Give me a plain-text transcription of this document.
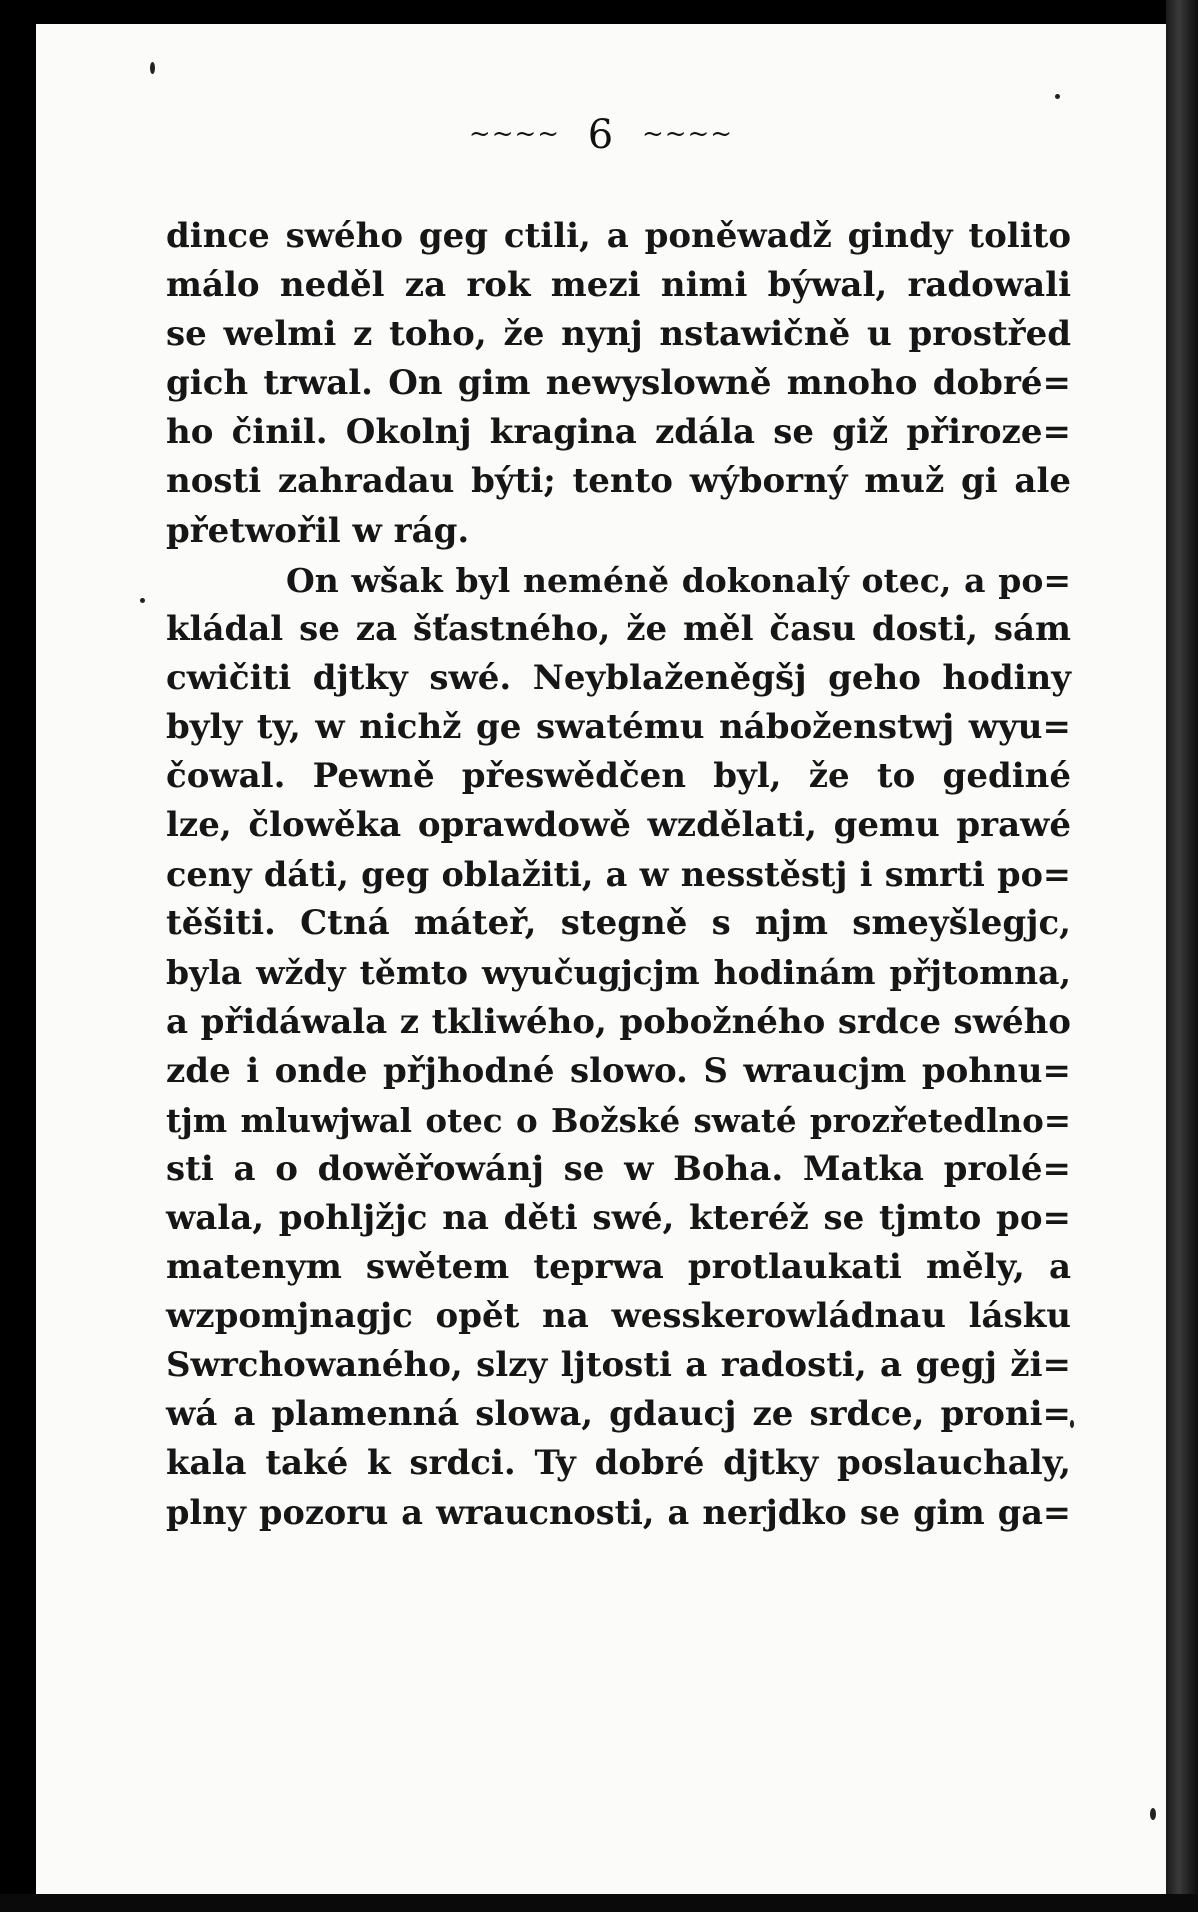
~~~~ 6 ~~~~
dince swého geg ctili, a poněwadž gindy tolito
málo neděl za rok mezi nimi býwal, radowali
se welmi z toho, že nynj nstawičně u prostřed
gich trwal. On gim newyslowně mnoho dobré=
ho činil. Okolnj kragina zdála se giž přiroze=
nosti zahradau býti; tento wýborný muž gi ale
přetwořil w rág.
On wšak byl neméně dokonalý otec, a po=
kládal se za šťastného, že měl času dosti, sám
cwičiti djtky swé. Neyblaženěgšj geho hodiny
byly ty, w nichž ge swatému náboženstwj wyu=
čowal. Pewně přeswědčen byl, že to gediné
lze, člowěka oprawdowě wzdělati, gemu prawé
ceny dáti, geg oblažiti, a w nesstěstj i smrti po=
těšiti. Ctná máteř, stegně s njm smeyšlegjc,
byla wždy těmto wyučugjcjm hodinám přjtomna,
a přidáwala z tkliwého, pobožného srdce swého
zde i onde přjhodné slowo. S wraucjm pohnu=
tjm mluwjwal otec o Božské swaté prozřetedlno=
sti a o dowěřowánj se w Boha. Matka prolé=
wala, pohljžjc na děti swé, kteréž se tjmto po=
matenym swětem teprwa protlaukati měly, a
wzpomjnagjc opět na wesskerowládnau lásku
Swrchowaného, slzy ljtosti a radosti, a gegj ži=
wá a plamenná slowa, gdaucj ze srdce, proni=
kala také k srdci. Ty dobré djtky poslauchaly,
plny pozoru a wraucnosti, a nerjdko se gim ga=
